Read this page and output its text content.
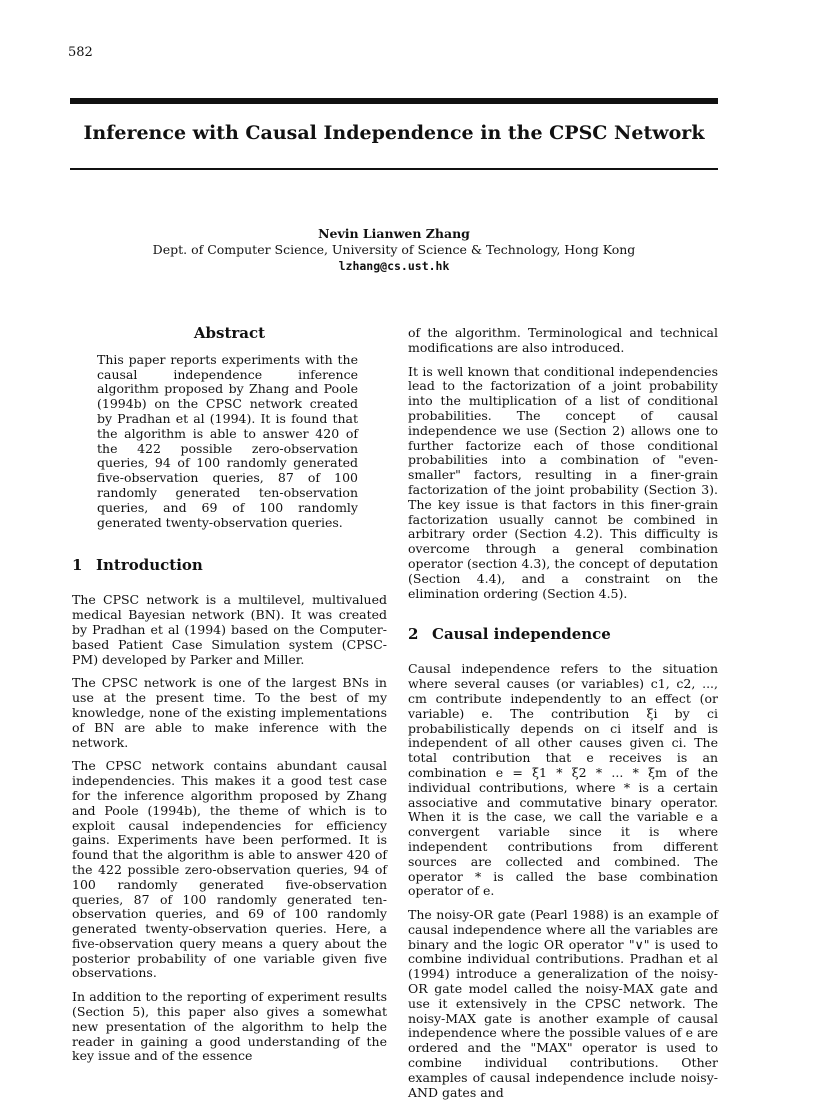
582
Inference with Causal Independence in the CPSC Network
Nevin Lianwen Zhang
Dept. of Computer Science, University of Science & Technology, Hong Kong
lzhang@cs.ust.hk
Abstract

This paper reports experiments with the causal independence inference algorithm proposed by Zhang and Poole (1994b) on the CPSC network created by Pradhan et al (1994). It is found that the algorithm is able to answer 420 of the 422 possible zero-observation queries, 94 of 100 randomly generated five-observation queries, 87 of 100 randomly generated ten-observation queries, and 69 of 100 randomly generated twenty-observation queries.

1 Introduction

The CPSC network is a multilevel, multivalued medical Bayesian network (BN). It was created by Pradhan et al (1994) based on the Computer-based Patient Case Simulation system (CPSC-PM) developed by Parker and Miller.

The CPSC network is one of the largest BNs in use at the present time. To the best of my knowledge, none of the existing implementations of BN are able to make inference with the network.

The CPSC network contains abundant causal independencies. This makes it a good test case for the inference algorithm proposed by Zhang and Poole (1994b), the theme of which is to exploit causal independencies for efficiency gains. Experiments have been performed. It is found that the algorithm is able to answer 420 of the 422 possible zero-observation queries, 94 of 100 randomly generated five-observation queries, 87 of 100 randomly generated ten-observation queries, and 69 of 100 randomly generated twenty-observation queries. Here, a five-observation query means a query about the posterior probability of one variable given five observations.

In addition to the reporting of experiment results (Section 5), this paper also gives a somewhat new presentation of the algorithm to help the reader in gaining a good understanding of the key issue and of the essence

of the algorithm. Terminological and technical modifications are also introduced.

It is well known that conditional independencies lead to the factorization of a joint probability into the multiplication of a list of conditional probabilities. The concept of causal independence we use (Section 2) allows one to further factorize each of those conditional probabilities into a combination of "even-smaller" factors, resulting in a finer-grain factorization of the joint probability (Section 3). The key issue is that factors in this finer-grain factorization usually cannot be combined in arbitrary order (Section 4.2). This difficulty is overcome through a general combination operator (section 4.3), the concept of deputation (Section 4.4), and a constraint on the elimination ordering (Section 4.5).

2 Causal independence

Causal independence refers to the situation where several causes (or variables) c1, c2, ..., cm contribute independently to an effect (or variable) e. The contribution ξi by ci probabilistically depends on ci itself and is independent of all other causes given ci. The total contribution that e receives is an combination e = ξ1 * ξ2 * ... * ξm of the individual contributions, where * is a certain associative and commutative binary operator. When it is the case, we call the variable e a convergent variable since it is where independent contributions from different sources are collected and combined. The operator * is called the base combination operator of e.

The noisy-OR gate (Pearl 1988) is an example of causal independence where all the variables are binary and the logic OR operator "∨" is used to combine individual contributions. Pradhan et al (1994) introduce a generalization of the noisy-OR gate model called the noisy-MAX gate and use it extensively in the CPSC network. The noisy-MAX gate is another example of causal independence where the possible values of e are ordered and the "MAX" operator is used to combine individual contributions. Other examples of causal independence include noisy-AND gates and
